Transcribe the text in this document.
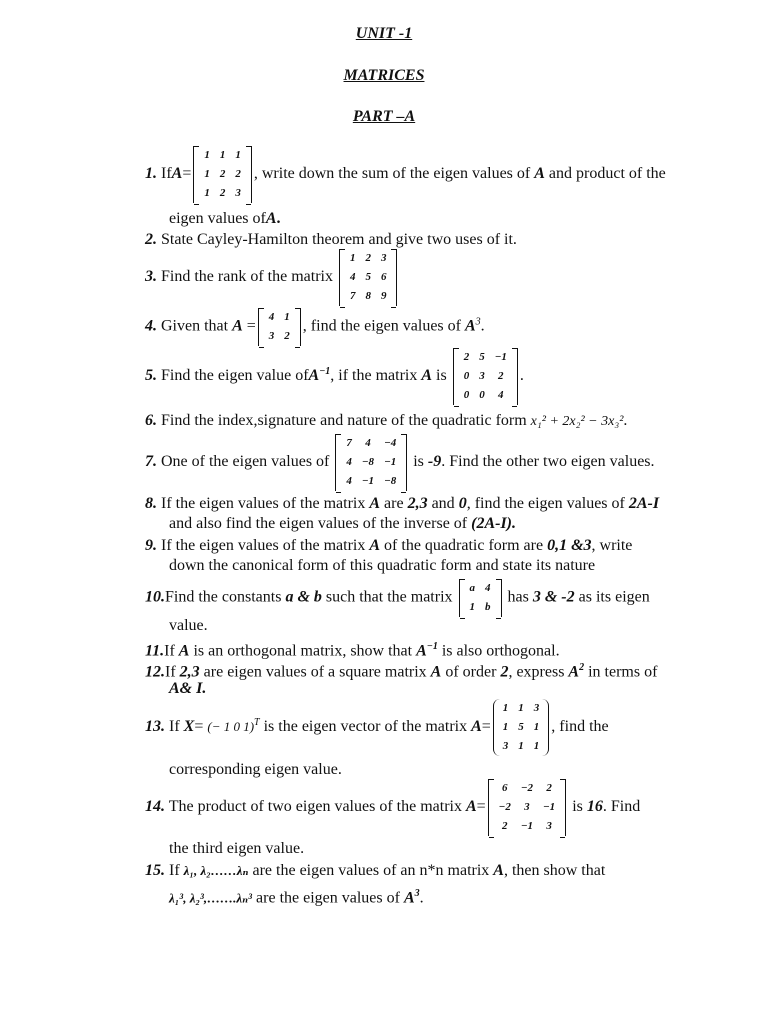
UNIT -1
MATRICES
PART –A
1. IfA=
1	1	1
1	2	2
1	2	3
, write down the sum of the eigen values of A and product of the
eigen values ofA.
2. State Cayley-Hamilton theorem and give two uses of it.
3. Find the rank of the matrix
1	2	3
4	5	6
7	8	9
4. Given that A =
4	1
3	2
, find the eigen values of $A^3$.
5. Find the eigen value ofA$^{-1}$, if the matrix A is
2	5	−1
0	3	2
0	0	4
.
6. Find the index,signature and nature of the quadratic form x₁² + 2x₂² − 3x₃².
7. One of the eigen values of
7	4	−4
4	−8	−1
4	−1	−8
is -9. Find the other two eigen values.
8. If the eigen values of the matrix A are 2,3 and 0, find the eigen values of 2A-I
and also find the eigen values of the inverse of (2A-I).
9. If the eigen values of the matrix A of the quadratic form are 0,1 &3, write
down the canonical form of this quadratic form and state its nature
10.Find the constants a & b such that the matrix
a	4
1	b
has 3 & -2 as its eigen
value.
11.If A is an orthogonal matrix, show that $A^{-1}$ is also orthogonal.
12.If 2,3 are eigen values of a square matrix A of order 2, express $A^2$ in terms of
A& I.
13. If X= (− 1 0 1)$^T$ is the eigen vector of the matrix A=
1	1	3
1	5	1
3	1	1
, find the
corresponding eigen value.
14. The product of two eigen values of the matrix A=
6	−2	2
−2	3	−1
2	−1	3
is 16. Find
the third eigen value.
15. If λ₁, λ₂……λₙ are the eigen values of an n*n matrix A, then show that
λ₁³, λ₂³,…….λₙ³ are the eigen values of $A^3$.
